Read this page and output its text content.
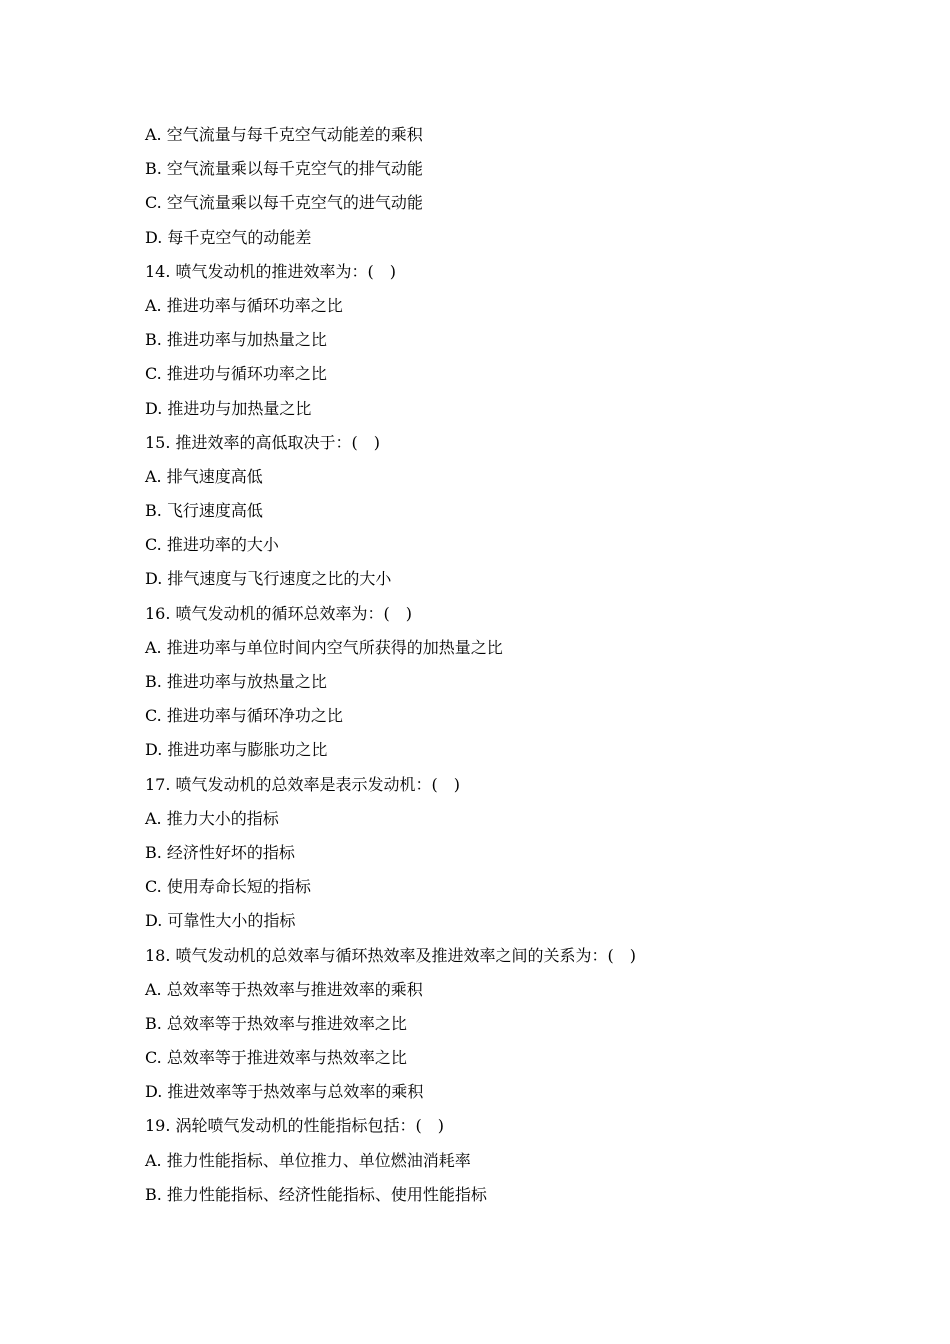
A. 空气流量与每千克空气动能差的乘积
B. 空气流量乘以每千克空气的排气动能
C. 空气流量乘以每千克空气的进气动能
D. 每千克空气的动能差
14. 喷气发动机的推进效率为：(　)
A. 推进功率与循环功率之比
B. 推进功率与加热量之比
C. 推进功与循环功率之比
D. 推进功与加热量之比
15. 推进效率的高低取决于：(　)
A. 排气速度高低
B. 飞行速度高低
C. 推进功率的大小
D. 排气速度与飞行速度之比的大小
16. 喷气发动机的循环总效率为：(　)
A. 推进功率与单位时间内空气所获得的加热量之比
B. 推进功率与放热量之比
C. 推进功率与循环净功之比
D. 推进功率与膨胀功之比
17. 喷气发动机的总效率是表示发动机：(　)
A. 推力大小的指标
B. 经济性好坏的指标
C. 使用寿命长短的指标
D. 可靠性大小的指标
18. 喷气发动机的总效率与循环热效率及推进效率之间的关系为：(　)
A. 总效率等于热效率与推进效率的乘积
B. 总效率等于热效率与推进效率之比
C. 总效率等于推进效率与热效率之比
D. 推进效率等于热效率与总效率的乘积
19. 涡轮喷气发动机的性能指标包括：(　)
A. 推力性能指标、单位推力、单位燃油消耗率
B. 推力性能指标、经济性能指标、使用性能指标
